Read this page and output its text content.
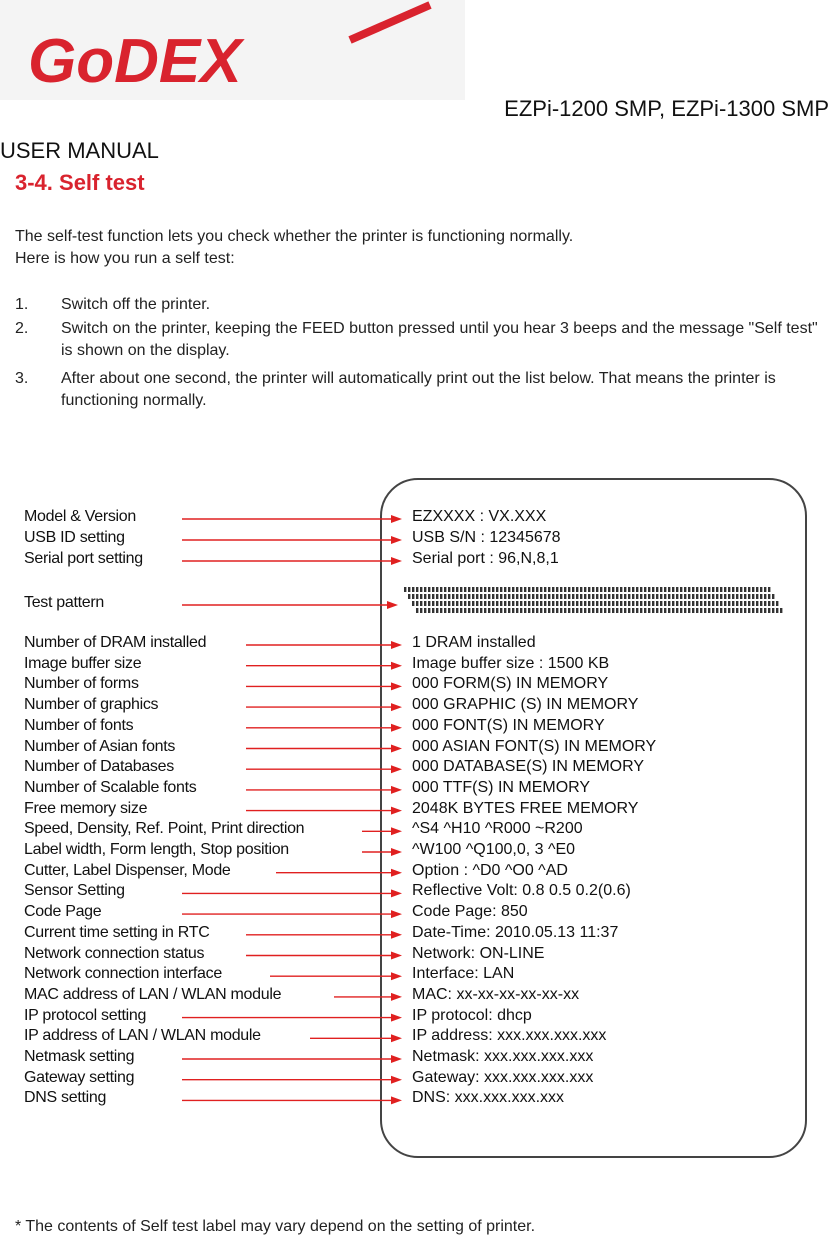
GoDEX
EZPi-1200 SMP, EZPi-1300 SMP
USER MANUAL
3-4. Self test
The self-test function lets you check whether the printer is functioning normally.
Here is how you run a self test:
1. Switch off the printer.
2. Switch on the printer, keeping the FEED button pressed until you hear 3 beeps and the message "Self test" is shown on the display.
3. After about one second, the printer will automatically print out the list below. That means the printer is functioning normally.
Model & Version
USB ID setting
Serial port setting
Test pattern
Number of DRAM installed
Image buffer size
Number of forms
Number of graphics
Number of fonts
Number of Asian fonts
Number of Databases
Number of Scalable fonts
Free memory size
Speed, Density, Ref. Point, Print direction
Label width, Form length, Stop position
Cutter, Label Dispenser, Mode
Sensor Setting
Code Page
Current time setting in RTC
Network connection status
Network connection interface
MAC address of LAN / WLAN module
IP protocol setting
IP address of LAN / WLAN module
Netmask setting
Gateway setting
DNS setting
EZXXXX : VX.XXX
USB S/N : 12345678
Serial port : 96,N,8,1
1 DRAM installed
Image buffer size : 1500 KB
000 FORM(S) IN MEMORY
000 GRAPHIC (S) IN MEMORY
000 FONT(S) IN MEMORY
000 ASIAN FONT(S) IN MEMORY
000 DATABASE(S) IN MEMORY
000 TTF(S) IN MEMORY
2048K BYTES FREE MEMORY
^S4 ^H10 ^R000 ~R200
^W100 ^Q100,0, 3 ^E0
Option : ^D0 ^O0 ^AD
Reflective Volt: 0.8 0.5 0.2(0.6)
Code Page: 850
Date-Time: 2010.05.13 11:37
Network: ON-LINE
Interface: LAN
MAC: xx-xx-xx-xx-xx-xx
IP protocol: dhcp
IP address: xxx.xxx.xxx.xxx
Netmask: xxx.xxx.xxx.xxx
Gateway: xxx.xxx.xxx.xxx
DNS: xxx.xxx.xxx.xxx
* The contents of Self test label may vary depend on the setting of printer.
